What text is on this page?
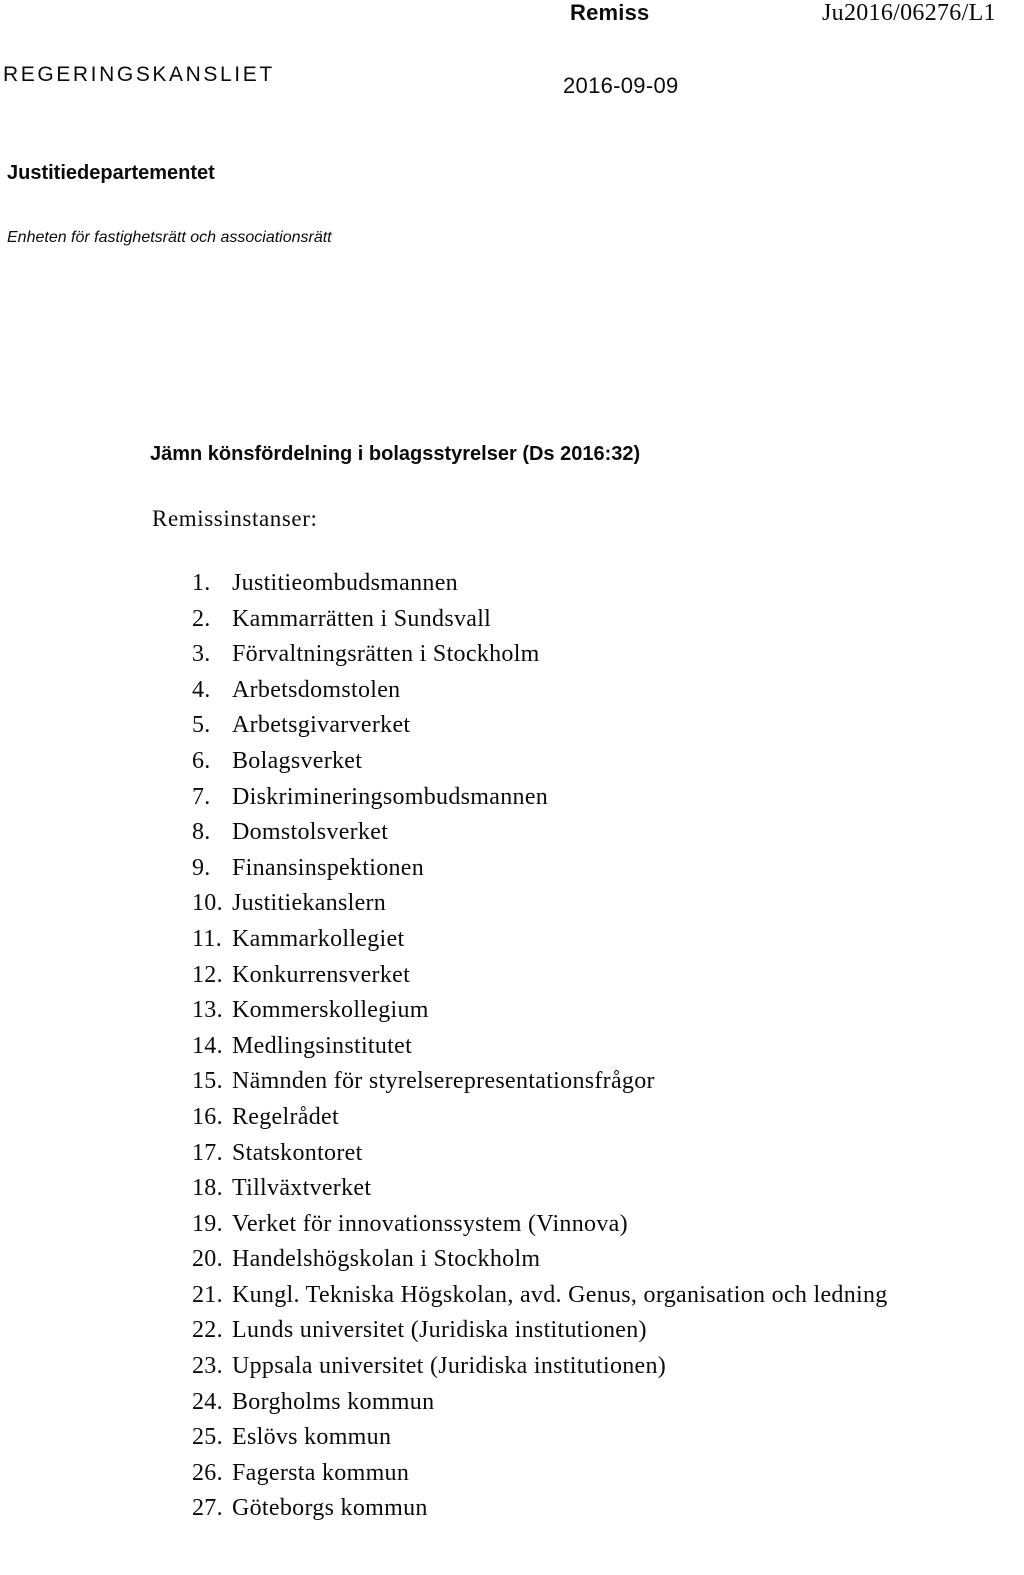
Remiss	Ju2016/06276/L1
REGERINGSKANSLIET	2016-09-09
Justitiedepartementet
Enheten för fastighetsrätt och associationsrätt
Jämn könsfördelning i bolagsstyrelser (Ds 2016:32)
Remissinstanser:
1. Justitieombudsmannen
2. Kammarrätten i Sundsvall
3. Förvaltningsrätten i Stockholm
4. Arbetsdomstolen
5. Arbetsgivarverket
6. Bolagsverket
7. Diskrimineringsombudsmannen
8. Domstolsverket
9. Finansinspektionen
10. Justitiekanslern
11. Kammarkollegiet
12. Konkurrensverket
13. Kommerskollegium
14. Medlingsinstitutet
15. Nämnden för styrelserepresentationsfrågor
16. Regelrådet
17. Statskontoret
18. Tillväxtverket
19. Verket för innovationssystem (Vinnova)
20. Handelshögskolan i Stockholm
21. Kungl. Tekniska Högskolan, avd. Genus, organisation och ledning
22. Lunds universitet (Juridiska institutionen)
23. Uppsala universitet (Juridiska institutionen)
24. Borgholms kommun
25. Eslövs kommun
26. Fagersta kommun
27. Göteborgs kommun
